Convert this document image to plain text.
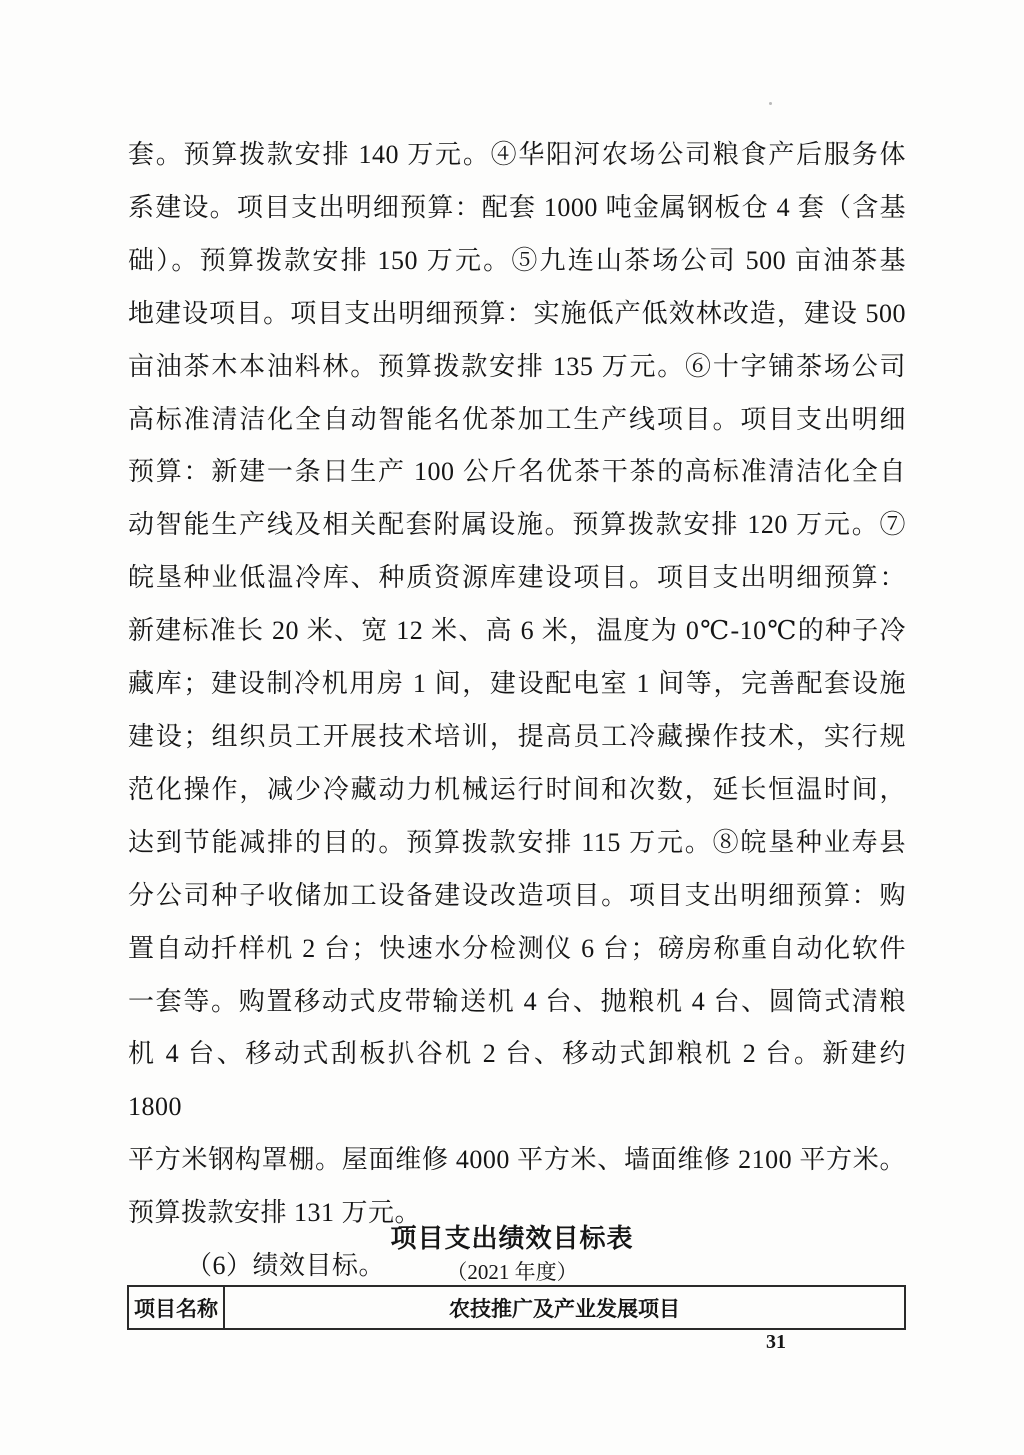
套。预算拨款安排 140 万元。④华阳河农场公司粮食产后服务体
系建设。项目支出明细预算：配套 1000 吨金属钢板仓 4 套（含基
础）。预算拨款安排 150 万元。⑤九连山茶场公司 500 亩油茶基
地建设项目。项目支出明细预算：实施低产低效林改造，建设 500
亩油茶木本油料林。预算拨款安排 135 万元。⑥十字铺茶场公司
高标准清洁化全自动智能名优茶加工生产线项目。项目支出明细
预算：新建一条日生产 100 公斤名优茶干茶的高标准清洁化全自
动智能生产线及相关配套附属设施。预算拨款安排 120 万元。⑦
皖垦种业低温冷库、种质资源库建设项目。项目支出明细预算：
新建标准长 20 米、宽 12 米、高 6 米，温度为 0℃-10℃的种子冷
藏库；建设制冷机用房 1 间，建设配电室 1 间等，完善配套设施
建设；组织员工开展技术培训，提高员工冷藏操作技术，实行规
范化操作，减少冷藏动力机械运行时间和次数，延长恒温时间，
达到节能减排的目的。预算拨款安排 115 万元。⑧皖垦种业寿县
分公司种子收储加工设备建设改造项目。项目支出明细预算：购
置自动扦样机 2 台；快速水分检测仪 6 台；磅房称重自动化软件
一套等。购置移动式皮带输送机 4 台、抛粮机 4 台、圆筒式清粮
机 4 台、移动式刮板扒谷机 2 台、移动式卸粮机 2 台。新建约 1800
平方米钢构罩棚。屋面维修 4000 平方米、墙面维修 2100 平方米。
预算拨款安排 131 万元。
（6）绩效目标。
项目支出绩效目标表
（2021 年度）
项目名称	农技推广及产业发展项目
31
